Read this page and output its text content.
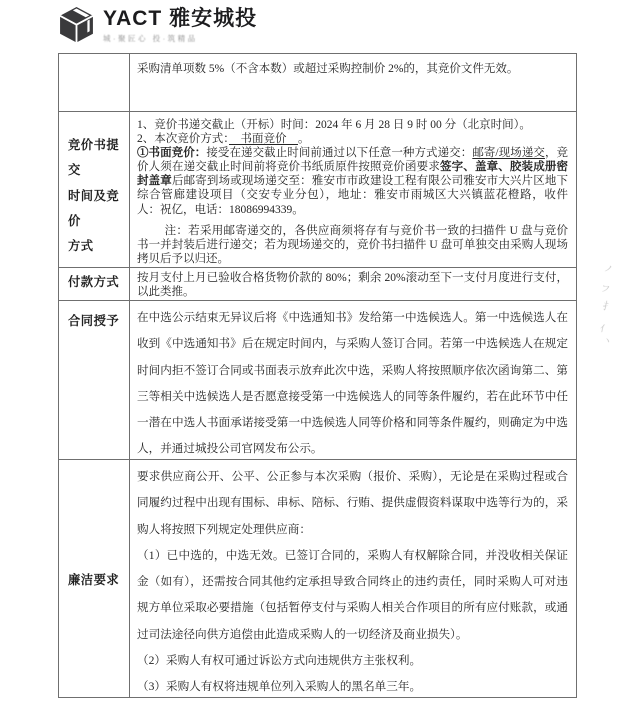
YACT 雅安城投
城·聚匠心 投·筑精品
ノ
フ
扌
亻
丶

采购清单项数 5%（不含本数）或超过采购控制价 2%的，其竞价文件无效。

竞价书提交
时间及竞价
方式

1、竞价书递交截止（开标）时间：2024 年 6 月 28 日 9 时 00 分（北京时间）。

2、本次竞价方式：　书面竞价　。

①书面竞价：接受在递交截止时间前通过以下任意一种方式递交：邮寄/现场递交，竞价人须在递交截止时间前将竞价书纸质原件按照竞价函要求签字、盖章、胶装成册密封盖章后邮寄到场或现场递交至：雅安市市政建设工程有限公司雅安市大兴片区地下综合管廊建设项目（交安专业分包），地址：雅安市雨城区大兴镇蓝花橙路，收件人：祝亿，电话：18086994339。

注：若采用邮寄递交的，各供应商须将存有与竞价书一致的扫描件 U 盘与竞价书一并封装后进行递交；若为现场递交的，竞价书扫描件 U 盘可单独交由采购人现场拷贝后予以归还。

付款方式	按月支付上月已验收合格货物价款的 80%；剩余 20%滚动至下一支付月度进行支付，以此类推。

合同授予	在中选公示结束无异议后将《中选通知书》发给第一中选候选人。第一中选候选人在收到《中选通知书》后在规定时间内，与采购人签订合同。若第一中选候选人在规定时间内拒不签订合同或书面表示放弃此次中选，采购人将按照顺序依次函询第二、第三等相关中选候选人是否愿意接受第一中选候选人的同等条件履约，若在此环节中任一潜在中选人书面承诺接受第一中选候选人同等价格和同等条件履约，则确定为中选人，并通过城投公司官网发布公示。

廉洁要求

要求供应商公开、公平、公正参与本次采购（报价、采购），无论是在采购过程或合同履约过程中出现有围标、串标、陪标、行贿、提供虚假资料谋取中选等行为的，采购人将按照下列规定处理供应商：

（1）已中选的，中选无效。已签订合同的，采购人有权解除合同，并没收相关保证金（如有），还需按合同其他约定承担导致合同终止的违约责任，同时采购人可对违规方单位采取必要措施（包括暂停支付与采购人相关合作项目的所有应付账款，或通过司法途径向供方追偿由此造成采购人的一切经济及商业损失）。

（2）采购人有权可通过诉讼方式向违规供方主张权利。

（3）采购人有权将违规单位列入采购人的黑名单三年。
